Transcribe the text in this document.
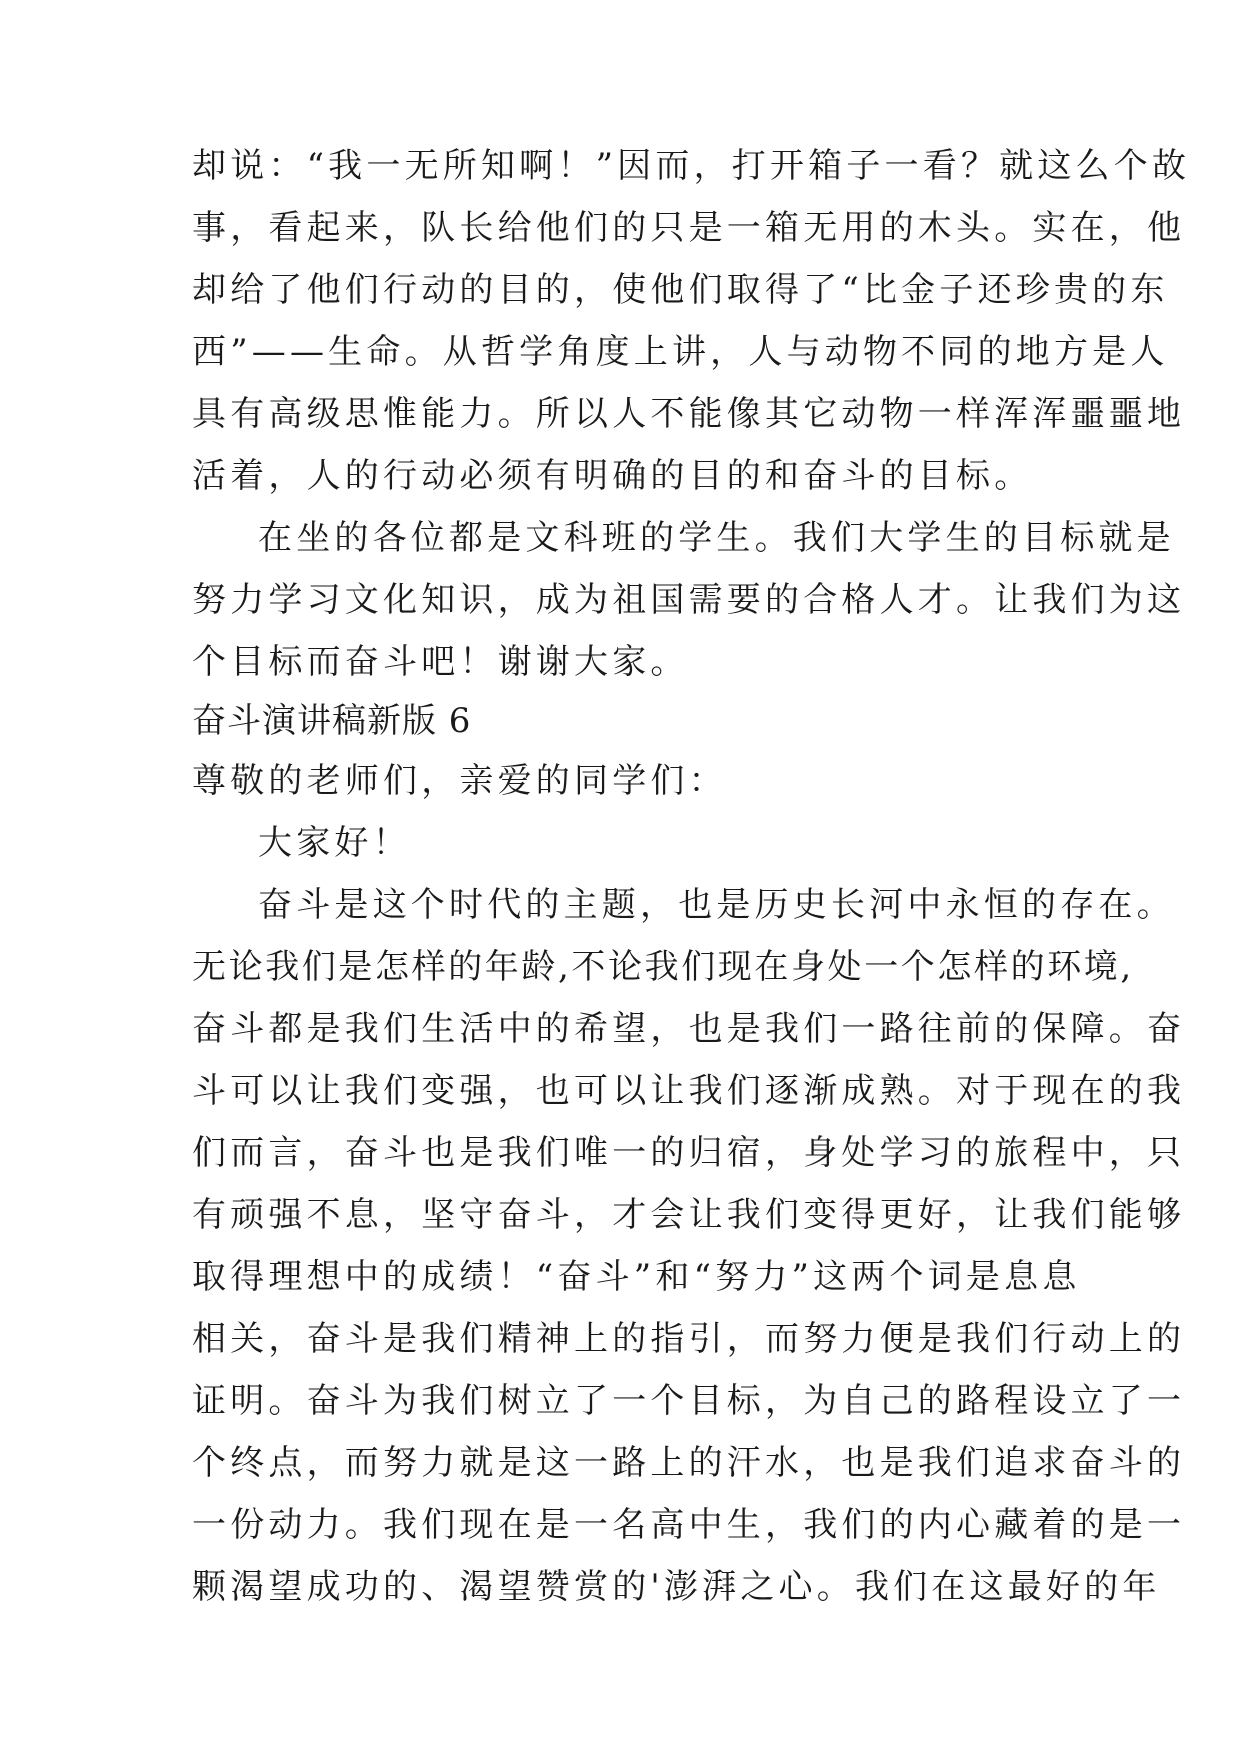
却说：“我一无所知啊！”因而，打开箱子一看？就这么个故
事，看起来，队长给他们的只是一箱无用的木头。实在，他
却给了他们行动的目的，使他们取得了“比金子还珍贵的东
西”——生命。从哲学角度上讲，人与动物不同的地方是人
具有高级思惟能力。所以人不能像其它动物一样浑浑噩噩地
活着，人的行动必须有明确的目的和奋斗的目标。
在坐的各位都是文科班的学生。我们大学生的目标就是
努力学习文化知识，成为祖国需要的合格人才。让我们为这
个目标而奋斗吧！谢谢大家。
奋斗演讲稿新版 6
尊敬的老师们，亲爱的同学们：
大家好！
奋斗是这个时代的主题，也是历史长河中永恒的存在。
无论我们是怎样的年龄,不论我们现在身处一个怎样的环境,
奋斗都是我们生活中的希望，也是我们一路往前的保障。奋
斗可以让我们变强，也可以让我们逐渐成熟。对于现在的我
们而言，奋斗也是我们唯一的归宿，身处学习的旅程中，只
有顽强不息，坚守奋斗，才会让我们变得更好，让我们能够
取得理想中的成绩！“奋斗”和“努力”这两个词是息息
相关，奋斗是我们精神上的指引，而努力便是我们行动上的
证明。奋斗为我们树立了一个目标，为自己的路程设立了一
个终点，而努力就是这一路上的汗水，也是我们追求奋斗的
一份动力。我们现在是一名高中生，我们的内心藏着的是一
颗渴望成功的、渴望赞赏的'澎湃之心。我们在这最好的年
